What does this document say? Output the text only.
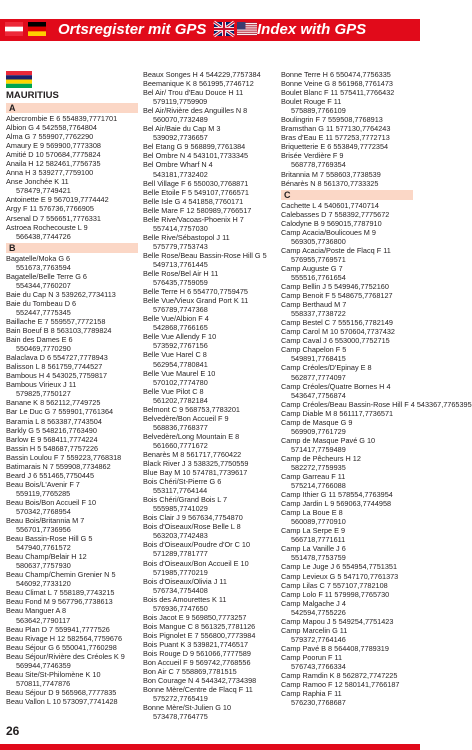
Ortsregister mit GPS	Index with GPS
MAURITIUS
A
Abercrombie E 6 554839,7771701
Albion G 4 542558,7764804
Alma G 7 559907,7762290
Amaury E 9 569900,7773308
Amitié D 10 570684,7775824
Anaila H 12 582461,7756735
Anna H 3 539277,7759100
Anse Jonchée K 11
578479,7749421
Antoinette E 9 567019,7774442
Argy F 11 576736,7766905
Arsenal D 7 556651,7776331
Astroea Rochecouste L 9
566438,7744726
B
Bagatelle/Moka G 6
551673,7763594
Bagatelle/Belle Terre G 6
554344,7760207
Baie du Cap N 3 539262,7734113
Baie du Tombeau D 6
552447,7775345
Baillache E 7 559557,7772158
Bain Boeuf B 8 563103,7789824
Bain des Dames E 6
550469,7770290
Balaclava D 6 554727,7778943
Balisson L 8 561759,7744527
Bambous H 4 543025,7759817
Bambous Virieux J 11
579825,7750127
Banane K 8 562112,7749725
Bar Le Duc G 7 559901,7761364
Baramia L 8 563387,7743504
Barkly G 5 548216,7763490
Barlow E 9 568411,7774224
Bassin H 5 548687,7757226
Bassin Loulou F 7 559223,7768318
Batimarais N 7 559908,7734862
Beard J 6 551465,7750445
Beau Bois/L'Avenir F 7
559119,7765285
Beau Bois/Bon Accueil F 10
570342,7768954
Beau Bois/Britannia M 7
556701,7736956
Beau Bassin-Rose Hill G 5
547940,7761572
Beau Champ/Belair H 12
580637,7757930
Beau Champ/Chemin Grenier N 5
546092,7733120
Beau Climat L 7 558189,7743215
Beau Fond M 9 567796,7738613
Beau Manguer A 8
563642,7790117
Beau Plan D 7 559941,7777526
Beau Rivage H 12 582564,7759676
Beau Séjour G 6 550041,7760298
Beau Séjour/Rivière des Créoles K 9
569944,7746359
Beau Site/St-Philomène K 10
570811,7747876
Beau Séjour D 9 565968,7777835
Beau Vallon L 10 573097,7741428
Beaux Songes H 4 544229,7757384
Beemanique K 8 561995,7746712
Bel Air/ Trou d'Eau Douce H 11
579119,7759909
Bel Air/Rivière des Anguilles N 8
560070,7732489
Bel Air/Baie du Cap M 3
539092,7736657
Bel Etang G 9 568899,7761384
Bel Ombre N 4 543101,7733345
Bel Ombre Wharf N 4
543181,7732402
Bell Village F 6 550030,7768871
Belle Etoile F 5 549107,7766571
Belle Isle G 4 541858,7760171
Belle Mare F 12 580989,7766517
Belle Rive/Vacoas-Phoenix H 7
557414,7757030
Belle Rive/Sébastopol J 11
575779,7753743
Belle Rose/Beau Bassin-Rose Hill G 5
549713,7761445
Belle Rose/Bel Air H 11
576435,7759059
Belle Terre H 6 554770,7759475
Belle Vue/Vieux Grand Port K 11
576789,7747368
Belle Vue/Albion F 4
542868,7766165
Belle Vue Allendy F 10
573592,7767156
Belle Vue Harel C 8
562954,7780841
Belle Vue Maurel E 10
570102,7774780
Belle Vue Pilot C 8
561202,7782184
Belmont C 9 568753,7783201
Belvedère/Bon Accueil F 9
568836,7768377
Belvedère/Long Mountain E 8
561660,7771672
Benarès M 8 561717,7760422
Black River J 3 538325,7750559
Blue Bay M 10 574781,7739617
Bois Chéri/St-Pierre G 6
553117,7764144
Bois Chéri/Grand Bois L 7
555985,7741029
Bois Clair J 9 567634,7754870
Bois d'Oiseaux/Rose Belle L 8
563203,7742483
Bois d'Oiseaux/Poudre d'Or C 10
571289,7781777
Bois d'Oiseaux/Bon Accueil E 10
571985,7770219
Bois d'Oiseaux/Olivia J 11
576734,7754408
Bois des Amourettes K 11
576936,7747650
Bois Jacot E 9 569850,7773257
Bois Mangue C 8 561325,7781126
Bois Pignolet E 7 556800,7773984
Bois Puant K 3 539821,7746517
Bois Rouge D 9 561066,7777589
Bon Accueil F 9 569742,7768556
Bon Air C 7 558869,7781515
Bon Courage N 4 544342,7734398
Bonne Mère/Centre de Flacq F 11
575272,7765419
Bonne Mère/St-Julien G 10
573478,7764775
Bonne Terre H 6 550474,7756335
Bonne Veine G 8 561968,7761473
Boulet Blanc F 11 575411,7766432
Boulet Rouge F 11
575889,7766109
Boulingrin F 7 559508,7768913
Bramsthan G 11 577130,7764243
Bras d'Eau E 11 577253,7772713
Briquetterie E 6 553849,7772354
Brisée Verdière F 9
568778,7769354
Britannia M 7 558603,7738539
Bénarès N 8 561370,7733325
C
Cachette L 4 540601,7740714
Calebasses D 7 558392,7775672
Calodyne B 9 569015,7787910
Camp Acacia/Boulicoues M 9
569305,7736800
Camp Acacia/Poste de Flacq F 11
576955,7769571
Camp Auguste G 7
555516,7761654
Camp Bellin J 5 549946,7752160
Camp Benoit F 5 548675,7768127
Camp Berthaud M 7
558337,7738722
Camp Bestel C 7 555156,7782149
Camp Carol M 10 570604,7737432
Camp Caval J 6 553000,7752715
Camp Chapelon F 5
549891,7768415
Camp Créoles/D'Epinay E 8
562877,7774097
Camp Créoles/Quatre Bornes H 4
543647,7756874
Camp Créoles/Beau Bassin-Rose Hill F 4 543367,7765395
Camp Diable M 8 561117,7736571
Camp de Masque G 9
569909,7761729
Camp de Masque Pavé G 10
571417,7759489
Camp de Pêcheurs H 12
582272,7759935
Camp Garreau F 11
575214,7766088
Camp Ithier G 11 578554,7763954
Camp Jardin L 9 569063,7744958
Camp La Boue E 8
560089,7770910
Camp La Serpe E 9
566718,7771611
Camp La Vanille J 6
551478,7753759
Camp Le Juge J 6 554954,7751351
Camp Levieux G 5 547170,7761373
Camp Lilas C 7 557107,7782108
Camp Lolo F 11 579998,7765730
Camp Malgache J 4
542594,7755226
Camp Mapou J 5 549254,7751423
Camp Marcelin G 11
579372,7764146
Camp Pavé B 8 564408,7789319
Camp Poorun F 11
576743,7766334
Camp Ramdin K 8 562872,7747225
Camp Ramoo F 12 580141,7766187
Camp Raphia F 11
576230,7768687
26
